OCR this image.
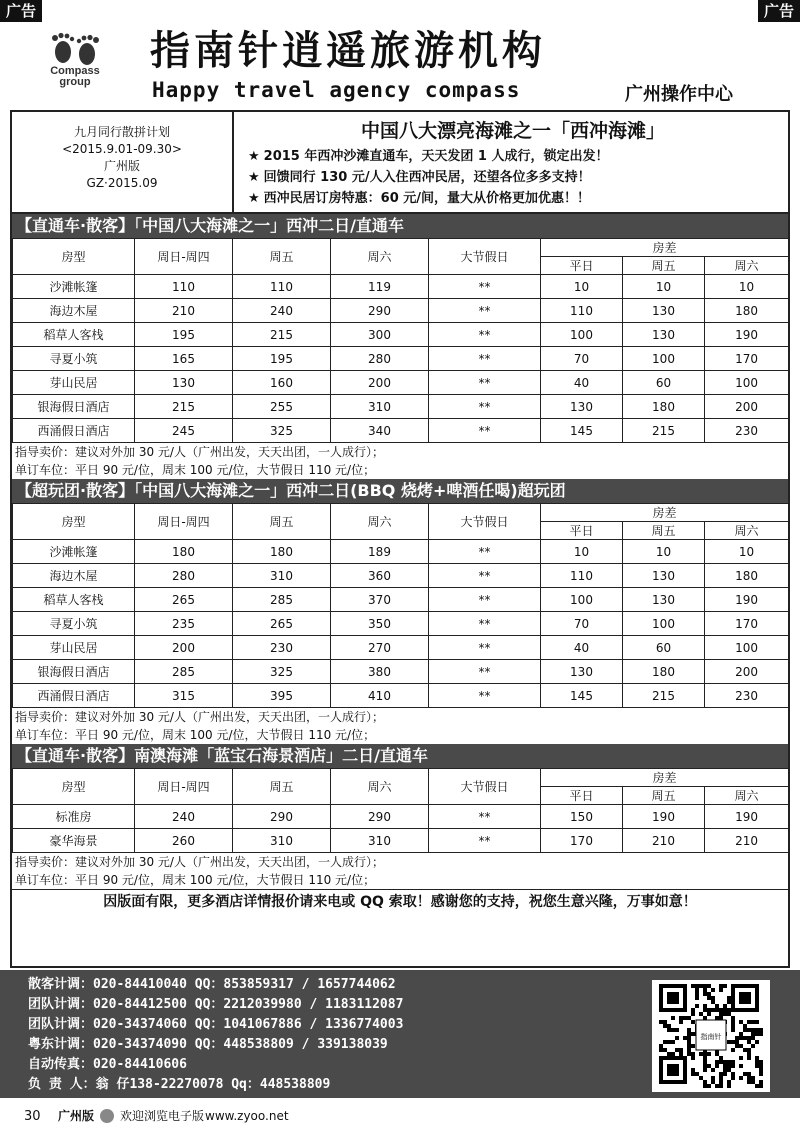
广告	广告
Compass
group
指南针逍遥旅游机构
Happy travel agency compass	广州操作中心
九月同行散拼计划
<2015.9.01-09.30>
广州版
GZ·2015.09
中国八大漂亮海滩之一「西冲海滩」
★ 2015 年西冲沙滩直通车，天天发团 1 人成行，锁定出发！
★ 回馈同行 130 元/人入住西冲民居，还望各位多多支持！
★ 西冲民居订房特惠：60 元/间，量大从价格更加优惠！！
【直通车·散客】「中国八大海滩之一」西冲二日/直通车
房型	周日-周四	周五	周六	大节假日	房差		
					平日	周五	周六
沙滩帐篷	110	110	119	**	10	10	10
海边木屋	210	240	290	**	110	130	180
稻草人客栈	195	215	300	**	100	130	190
寻夏小筑	165	195	280	**	70	100	170
芽山民居	130	160	200	**	40	60	100
银海假日酒店	215	255	310	**	130	180	200
西涌假日酒店	245	325	340	**	145	215	230
指导卖价：建议对外加 30 元/人（广州出发，天天出团，一人成行）；
单订车位：平日 90 元/位，周末 100 元/位，大节假日 110 元/位；
【超玩团·散客】「中国八大海滩之一」西冲二日(BBQ 烧烤+啤酒任喝)超玩团
房型	周日-周四	周五	周六	大节假日	房差		
					平日	周五	周六
沙滩帐篷	180	180	189	**	10	10	10
海边木屋	280	310	360	**	110	130	180
稻草人客栈	265	285	370	**	100	130	190
寻夏小筑	235	265	350	**	70	100	170
芽山民居	200	230	270	**	40	60	100
银海假日酒店	285	325	380	**	130	180	200
西涌假日酒店	315	395	410	**	145	215	230
指导卖价：建议对外加 30 元/人（广州出发，天天出团，一人成行）；
单订车位：平日 90 元/位，周末 100 元/位，大节假日 110 元/位；
【直通车·散客】南澳海滩「蓝宝石海景酒店」二日/直通车
房型	周日-周四	周五	周六	大节假日	房差		
					平日	周五	周六
标准房	240	290	290	**	150	190	190
豪华海景	260	310	310	**	170	210	210
指导卖价：建议对外加 30 元/人（广州出发，天天出团，一人成行）；
单订车位：平日 90 元/位，周末 100 元/位，大节假日 110 元/位；
因版面有限，更多酒店详情报价请来电或 QQ 索取！感谢您的支持，祝您生意兴隆，万事如意！
散客计调：020-84410040 QQ：853859317 / 1657744062
团队计调：020-84412500 QQ：2212039980 / 1183112087
团队计调：020-34374060 QQ：1041067886 / 1336774003
粤东计调：020-34374090 QQ：448538809 / 339138039
自动传真：020-84410606
负 责 人：翁 仔138-22270078 Qq：448538809
指南针
30 广州版 欢迎浏览电子版 www.zyoo.net
